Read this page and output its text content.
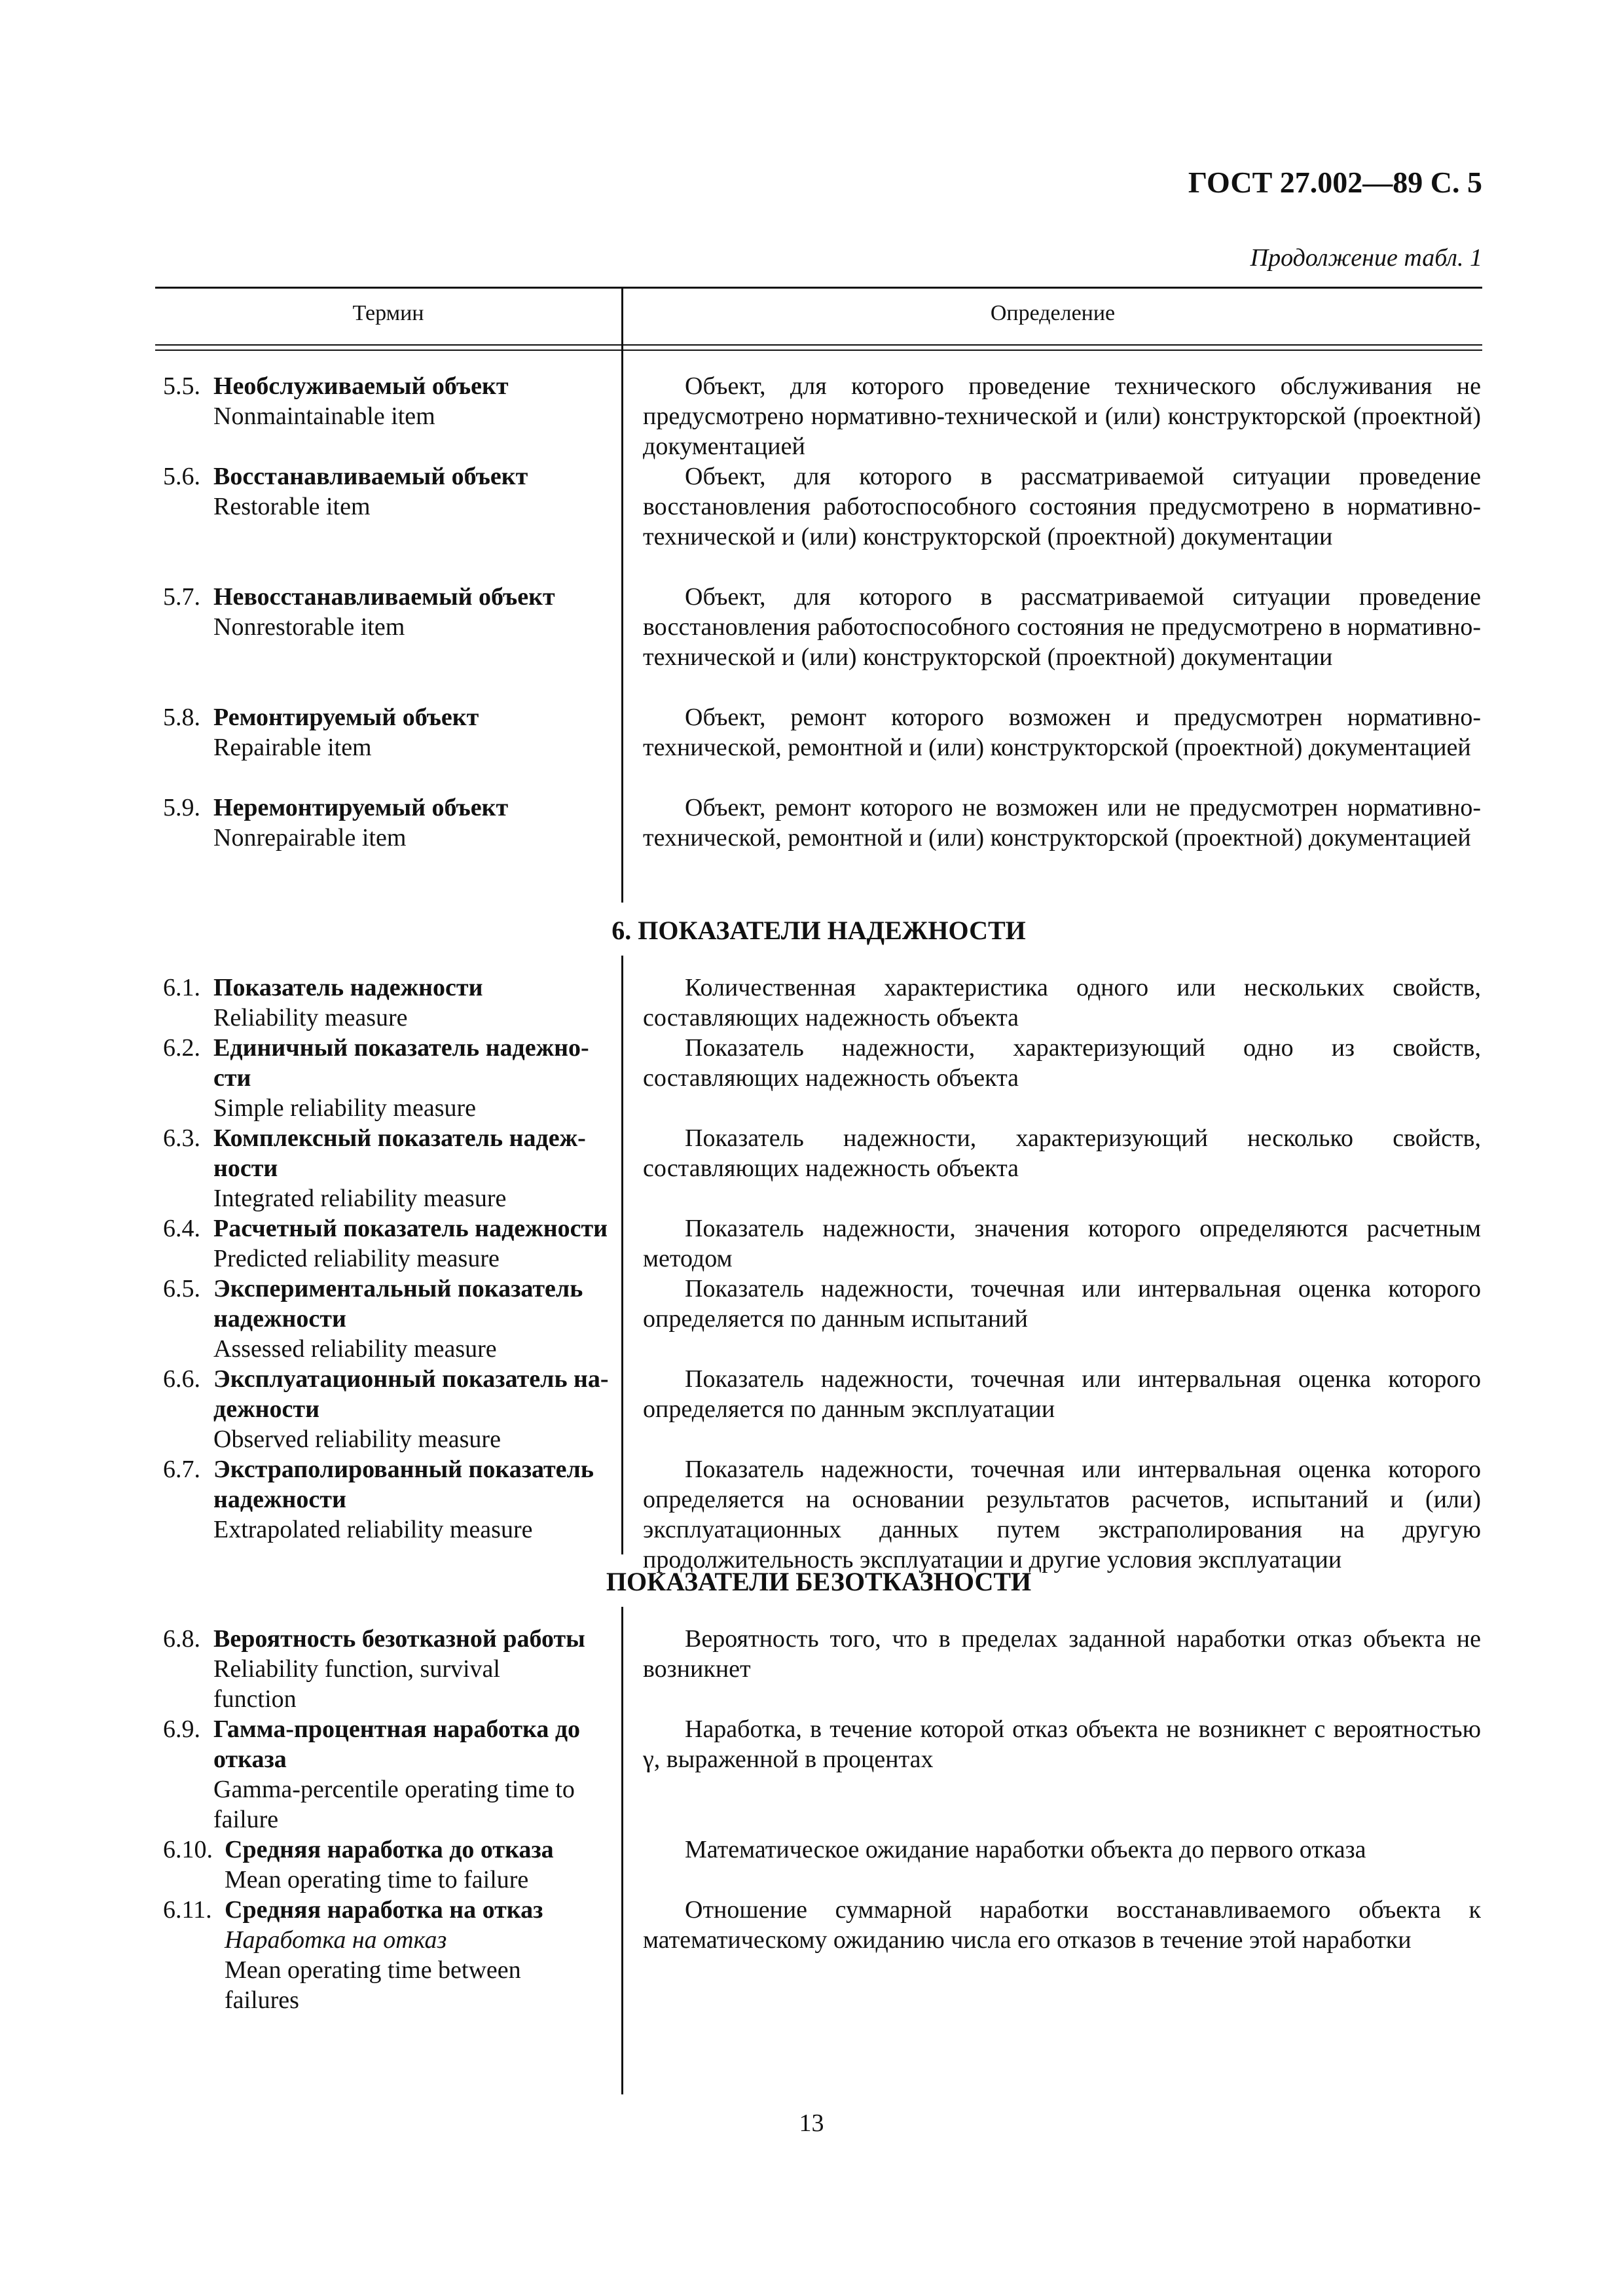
ГОСТ 27.002—89 С. 5
Продолжение табл. 1
Термин	Определение
5.5. Необслуживаемый объект
Nonmaintainable item

Объект, для которого проведение технического обслуживания не предусмотрено нормативно-технической и (или) конструкторской (проектной) документацией

5.6. Восстанавливаемый объект
Restorable item

Объект, для которого в рассматриваемой ситуации проведение восстановления работоспособного состояния предусмотрено в нормативно-технической и (или) конструкторской (проектной) документации

5.7. Невосстанавливаемый объект
Nonrestorable item

Объект, для которого в рассматриваемой ситуации проведение восстановления работоспособного состояния не предусмотрено в нормативно-технической и (или) конструкторской (проектной) документации

5.8. Ремонтируемый объект
Repairable item

Объект, ремонт которого возможен и предусмотрен нормативно-технической, ремонтной и (или) конструкторской (проектной) документацией

5.9. Неремонтируемый объект
Nonrepairable item

Объект, ремонт которого не возможен или не предусмотрен нормативно-технической, ремонтной и (или) конструкторской (проектной) документацией

6. ПОКАЗАТЕЛИ НАДЕЖНОСТИ
6.1. Показатель надежности
Reliability measure

Количественная характеристика одного или нескольких свойств, составляющих надежность объекта

6.2. Единичный показатель надежно-
сти
Simple reliability measure

Показатель надежности, характеризующий одно из свойств, составляющих надежность объекта

6.3. Комплексный показатель надеж-
ности
Integrated reliability measure

Показатель надежности, характеризующий несколько свойств, составляющих надежность объекта

6.4. Расчетный показатель надежности
Predicted reliability measure

Показатель надежности, значения которого определяются расчетным методом

6.5. Экспериментальный показатель
надежности
Assessed reliability measure

Показатель надежности, точечная или интервальная оценка которого определяется по данным испытаний

6.6. Эксплуатационный показатель на-
дежности
Observed reliability measure

Показатель надежности, точечная или интервальная оценка которого определяется по данным эксплуатации

6.7. Экстраполированный показатель
надежности
Extrapolated reliability measure

Показатель надежности, точечная или интервальная оценка которого определяется на основании результатов расчетов, испытаний и (или) эксплуатационных данных путем экстраполирования на другую продолжительность эксплуатации и другие условия эксплуатации

ПОКАЗАТЕЛИ БЕЗОТКАЗНОСТИ
6.8. Вероятность безотказной работы
Reliability function, survival function

Вероятность того, что в пределах заданной наработки отказ объекта не возникнет

6.9. Гамма-процентная наработка до
отказа
Gamma-percentile operating time to failure

Наработка, в течение которой отказ объекта не возникнет с вероятностью γ, выраженной в процентах

6.10. Средняя наработка до отказа
Mean operating time to failure

Математическое ожидание наработки объекта до первого отказа

6.11. Средняя наработка на отказ
Наработка на отказ
Mean operating time between failures

Отношение суммарной наработки восстанавливаемого объекта к математическому ожиданию числа его отказов в течение этой наработки

13
